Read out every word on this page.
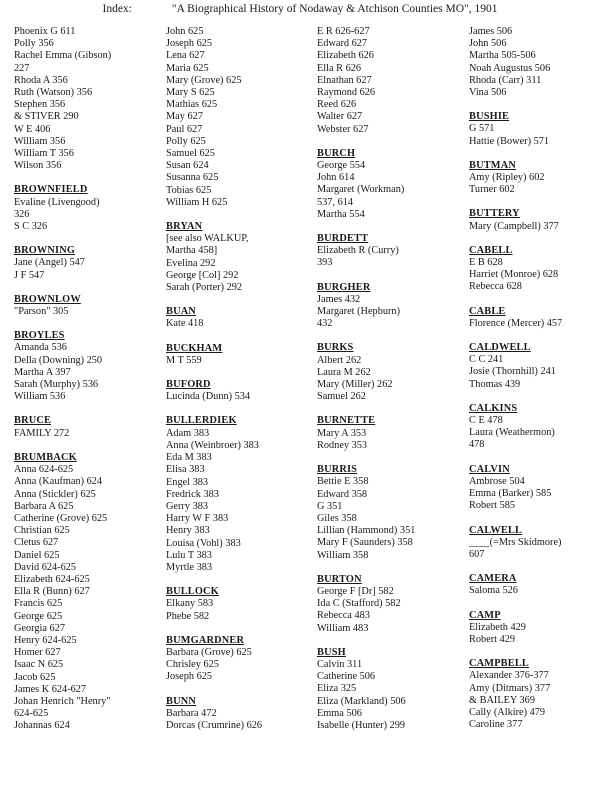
Index:	"A Biographical History of Nodaway & Atchison Counties MO", 1901
Phoenix G 611
Polly 356
Rachel Emma (Gibson)
227
Rhoda A 356
Ruth (Watson) 356
Stephen 356
& STIVER 290
W E 406
William 356
William T 356
Wilson 356
BROWNFIELD
Evaline (Livengood)
326
S C 326
BROWNING
Jane (Angel) 547
J F 547
BROWNLOW
"Parson" 305
BROYLES
Amanda 536
Della (Downing) 250
Martha A 397
Sarah (Murphy) 536
William 536
BRUCE
FAMILY 272
BRUMBACK
Anna 624-625
Anna (Kaufman) 624
Anna (Stickler) 625
Barbara A 625
Catherine (Grove) 625
Christian 625
Cletus 627
Daniel 625
David 624-625
Elizabeth 624-625
Ella R (Bunn) 627
Francis 625
George 625
Georgia 627
Henry 624-625
Homer 627
Isaac N 625
Jacob 625
James K 624-627
Johan Henrich "Henry"
624-625
Johannas 624
John 625
Joseph 625
Lena 627
Maria 625
Mary (Grove) 625
Mary S 625
Mathias 625
May 627
Paul 627
Polly 625
Samuel 625
Susan 624
Susanna 625
Tobias 625
William H 625
BRYAN
[see also WALKUP,
Martha 458]
Evelina 292
George [Col] 292
Sarah (Porter) 292
BUAN
Kate 418
BUCKHAM
M T 559
BUFORD
Lucinda (Dunn) 534
BULLERDIEK
Adam 383
Anna (Weinbroer) 383
Eda M 383
Elisa 383
Engel 383
Fredrick 383
Gerry 383
Harry W F 383
Henry 383
Louisa (Vohl) 383
Lulu T 383
Myrtle 383
BULLOCK
Elkany 583
Phebe 582
BUMGARDNER
Barbara (Grove) 625
Chrisley 625
Joseph 625
BUNN
Barbara 472
Dorcas (Crumrine) 626
E R 626-627
Edward 627
Elizabeth 626
Ella R 626
Elnathan 627
Raymond 626
Reed 626
Walter 627
Webster 627
BURCH
George 554
John 614
Margaret (Workman)
537, 614
Martha 554
BURDETT
Elizabeth R (Curry)
393
BURGHER
James 432
Margaret (Hepburn)
432
BURKS
Albert 262
Laura M 262
Mary (Miller) 262
Samuel 262
BURNETTE
Mary A 353
Rodney 353
BURRIS
Bettie E 358
Edward 358
G 351
Giles 358
Lillian (Hammond) 351
Mary F (Saunders) 358
William 358
BURTON
George F [Dr] 582
Ida C (Stafford) 582
Rebecca 483
William 483
BUSH
Calvin 311
Catherine 506
Eliza 325
Eliza (Markland) 506
Emma 506
Isabelle (Hunter) 299
James 506
John 506
Martha 505-506
Noah Augustus 506
Rhoda (Carr) 311
Vina 506
BUSHIE
G 571
Hattie (Bower) 571
BUTMAN
Amy (Ripley) 602
Turner 602
BUTTERY
Mary (Campbell) 377
CABELL
E B 628
Harriet (Monroe) 628
Rebecca 628
CABLE
Florence (Mercer) 457
CALDWELL
C C 241
Josie (Thornhill) 241
Thomas 439
CALKINS
C E 478
Laura (Weathermon)
478
CALVIN
Ambrose 504
Emma (Barker) 585
Robert 585
CALWELL
____(=Mrs Skidmore)
607
CAMERA
Saloma 526
CAMP
Elizabeth 429
Robert 429
CAMPBELL
Alexander 376-377
Amy (Ditmars) 377
& BAILEY 369
Cally (Alkire) 479
Caroline 377
